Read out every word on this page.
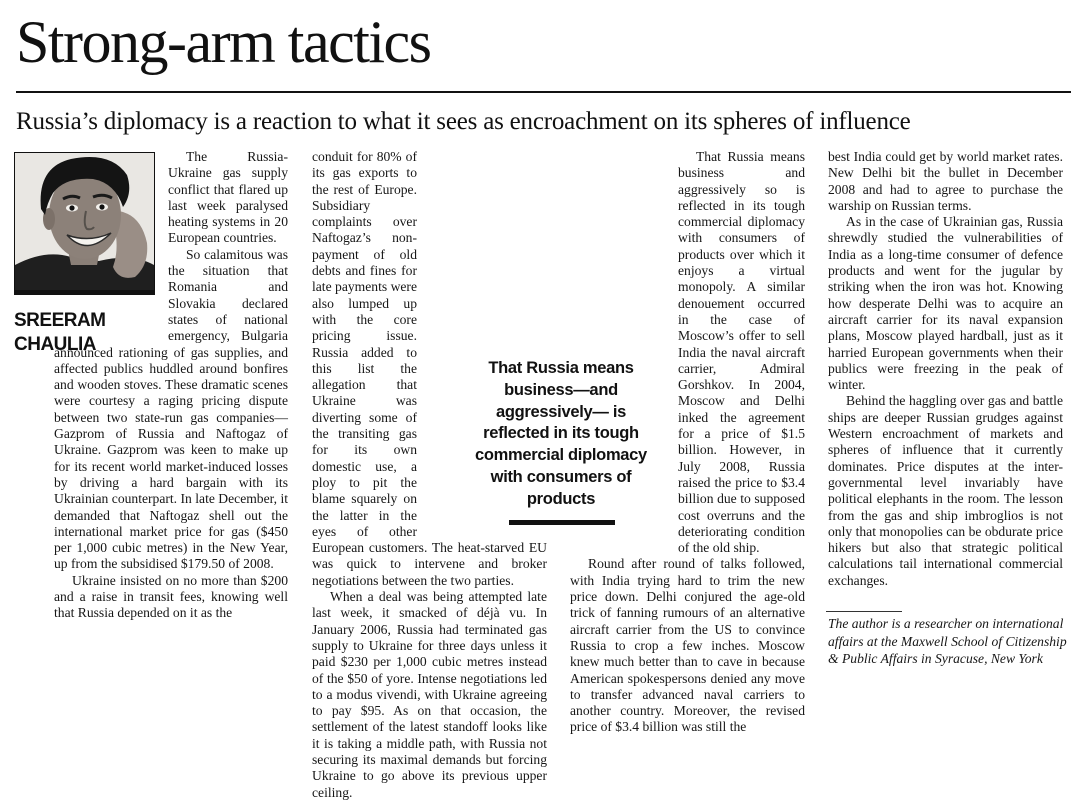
Strong-arm tactics
Russia’s diplomacy is a reaction to what it sees as encroachment on its spheres of influence
SREERAM
CHAULIA

The Russia-Ukraine gas supply conflict that flared up last week paralysed heating systems in 20 European countries.

So calamitous was the situation that Romania and Slovakia declared states of national emergency, Bulgaria announced rationing of gas supplies, and affected publics huddled around bonfires and wooden stoves. These dramatic scenes were courtesy a raging pricing dispute between two state-run gas companies—Gazprom of Russia and Naftogaz of Ukraine. Gazprom was keen to make up for its recent world market-induced losses by driving a hard bargain with its Ukrainian counterpart. In late December, it demanded that Naftogaz shell out the international market price for gas ($450 per 1,000 cubic metres) in the New Year, up from the subsidised $179.50 of 2008.

Ukraine insisted on no more than $200 and a raise in transit fees, knowing well that Russia depended on it as the

conduit for 80% of its gas exports to the rest of Europe. Subsidiary complaints over Naftogaz’s non-payment of old debts and fines for late payments were also lumped up with the core pricing issue. Russia added to this list the allegation that Ukraine was diverting some of the transiting gas for its own domestic use, a ploy to pit the blame squarely on the latter in the eyes of other European customers. The heat-starved EU was quick to intervene and broker negotiations between the two parties.

When a deal was being attempted late last week, it smacked of déjà vu. In January 2006, Russia had terminated gas supply to Ukraine for three days unless it paid $230 per 1,000 cubic metres instead of the $50 of yore. Intense negotiations led to a modus vivendi, with Ukraine agreeing to pay $95. As on that occasion, the settlement of the latest standoff looks like it is taking a middle path, with Russia not securing its maximal demands but forcing Ukraine to go above its previous upper ceiling.

That Russia means business and aggressively so is reflected in its tough commercial diplomacy with consumers of products over which it enjoys a virtual monopoly. A similar denouement occurred in the case of Moscow’s offer to sell India the naval aircraft carrier, Admiral Gorshkov. In 2004, Moscow and Delhi inked the agreement for a price of $1.5 billion. However, in July 2008, Russia raised the price to $3.4 billion due to supposed cost overruns and the deteriorating condition of the old ship.

Round after round of talks followed, with India trying hard to trim the new price down. Delhi conjured the age-old trick of fanning rumours of an alternative aircraft carrier from the US to convince Russia to crop a few inches. Moscow knew much better than to cave in because American spokespersons denied any move to transfer advanced naval carriers to another country. Moreover, the revised price of $3.4 billion was still the

best India could get by world market rates. New Delhi bit the bullet in December 2008 and had to agree to purchase the warship on Russian terms.

As in the case of Ukrainian gas, Russia shrewdly studied the vulnerabilities of India as a long-time consumer of defence products and went for the jugular by striking when the iron was hot. Knowing how desperate Delhi was to acquire an aircraft carrier for its naval expansion plans, Moscow played hardball, just as it harried European governments when their publics were freezing in the peak of winter.

Behind the haggling over gas and battle ships are deeper Russian grudges against Western encroachment of markets and spheres of influence that it currently dominates. Price disputes at the inter-governmental level invariably have political elephants in the room. The lesson from the gas and ship imbroglios is not only that monopolies can be obdurate price hikers but also that strategic political calculations tail international commercial exchanges.

That Russia means business—and aggressively— is reflected in its tough commercial diplomacy with consumers of products
The author is a researcher on international affairs at the Maxwell School of Citizenship & Public Affairs in Syracuse, New York
